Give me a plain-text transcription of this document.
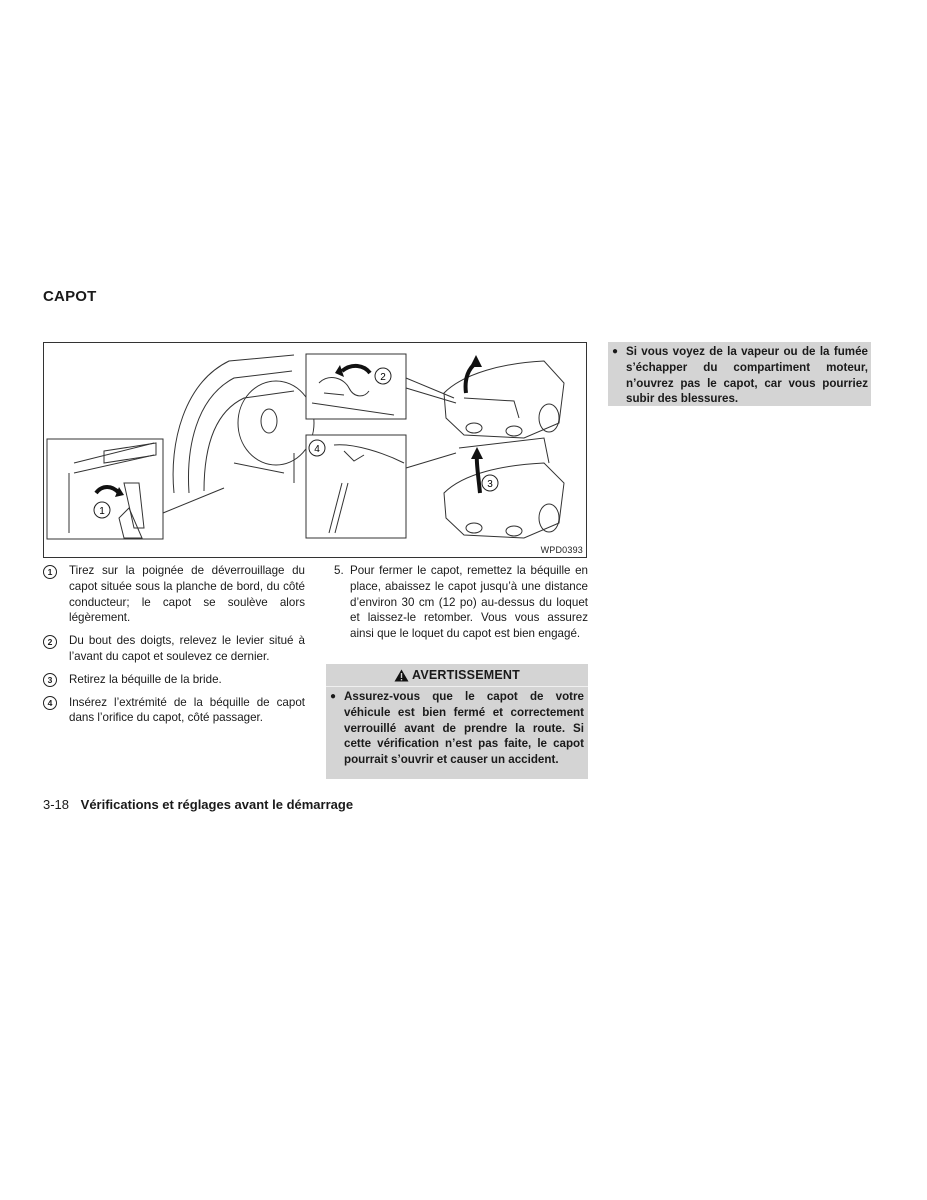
CAPOT
1
2
4
3
WPD0393
1	Tirez sur la poignée de déverrouillage du capot située sous la planche de bord, du côté conducteur; le capot se soulève alors légèrement.
2	Du bout des doigts, relevez le levier situé à l’avant du capot et soulevez ce dernier.
3	Retirez la béquille de la bride.
4	Insérez l’extrémité de la béquille de capot dans l’orifice du capot, côté passager.
5. Pour fermer le capot, remettez la béquille en place, abaissez le capot jusqu’à une distance d’environ 30 cm (12 po) au-dessus du loquet et laissez-le retomber. Vous vous assurez ainsi que le loquet du capot est bien engagé.
AVERTISSEMENT
● Assurez-vous que le capot de votre véhicule est bien fermé et correctement verrouillé avant de prendre la route. Si cette vérification n’est pas faite, le capot pourrait s’ouvrir et causer un accident.
● Si vous voyez de la vapeur ou de la fumée s’échapper du compartiment moteur, n’ouvrez pas le capot, car vous pourriez subir des blessures.
3-18 Vérifications et réglages avant le démarrage
